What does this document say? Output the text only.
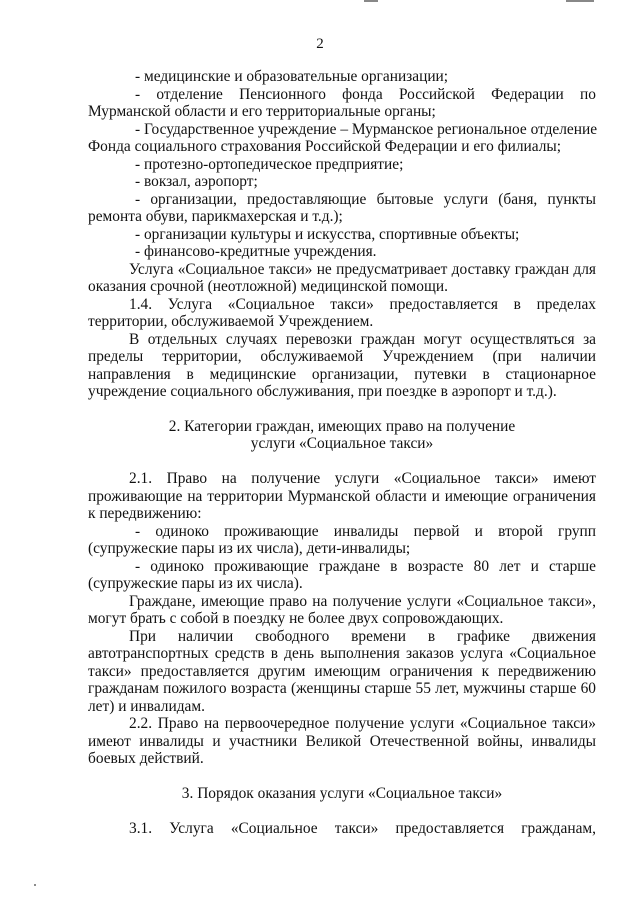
2
- медицинские и образовательные организации;
- отделение Пенсионного фонда Российской Федерации по
Мурманской области и его территориальные органы;
- Государственное учреждение – Мурманское региональное отделение
Фонда социального страхования Российской Федерации и его филиалы;
- протезно-ортопедическое предприятие;
- вокзал, аэропорт;
- организации, предоставляющие бытовые услуги (баня, пункты
ремонта обуви, парикмахерская и т.д.);
- организации культуры и искусства, спортивные объекты;
- финансово-кредитные учреждения.
Услуга «Социальное такси» не предусматривает доставку граждан для
оказания срочной (неотложной) медицинской помощи.
1.4. Услуга «Социальное такси» предоставляется в пределах
территории, обслуживаемой Учреждением.
В отдельных случаях перевозки граждан могут осуществляться за
пределы территории, обслуживаемой Учреждением (при наличии
направления в медицинские организации, путевки в стационарное
учреждение социального обслуживания, при поездке в аэропорт и т.д.).
2. Категории граждан, имеющих право на получение
услуги «Социальное такси»
2.1. Право на получение услуги «Социальное такси» имеют
проживающие на территории Мурманской области и имеющие ограничения
к передвижению:
- одиноко проживающие инвалиды первой и второй групп
(супружеские пары из их числа), дети-инвалиды;
- одиноко проживающие граждане в возрасте 80 лет и старше
(супружеские пары из их числа).
Граждане, имеющие право на получение услуги «Социальное такси»,
могут брать с собой в поездку не более двух сопровождающих.
При наличии свободного времени в графике движения
автотранспортных средств в день выполнения заказов услуга «Социальное
такси» предоставляется другим имеющим ограничения к передвижению
гражданам пожилого возраста (женщины старше 55 лет, мужчины старше 60
лет) и инвалидам.
2.2. Право на первоочередное получение услуги «Социальное такси»
имеют инвалиды и участники Великой Отечественной войны, инвалиды
боевых действий.
3. Порядок оказания услуги «Социальное такси»
3.1. Услуга «Социальное такси» предоставляется гражданам,
